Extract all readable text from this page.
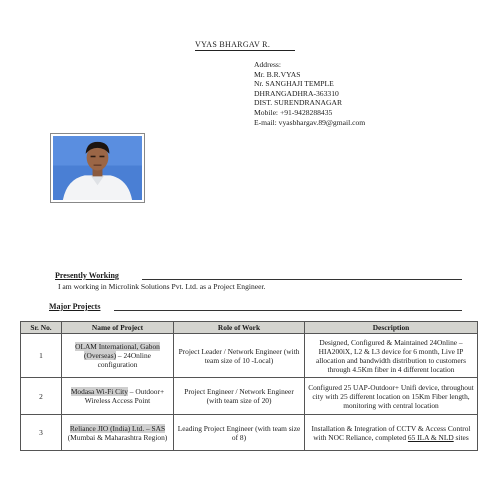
VYAS BHARGAV R.
Address:
Mr. B.R.VYAS
Nr. SANGHAJI TEMPLE
DHRANGADHRA-363310
DIST. SURENDRANAGAR
Mobile: +91-9428288435
E-mail: vyasbhargav.89@gmail.com
Presently Working
I am working in Microlink Solutions Pvt. Ltd. as a Project Engineer.
Major Projects
Sr. No.	Name of Project	Role of Work	Description
1	OLAM International, Gabon (Overseas) – 24Online configuration	Project Leader / Network Engineer (with team size of 10 -Local)	Designed, Configured & Maintained 24Online –HIA200iX, L2 & L3 device for 6 month, Live IP allocation and bandwidth distribution to customers through 4.5Km fiber in 4 different location
2	Modasa Wi-Fi City – Outdoor+ Wireless Access Point	Project Engineer / Network Engineer (with team size of 20)	Configured 25 UAP-Outdoor+ Unifi device, throughout city with 25 different location on 15Km Fiber length, monitoring with central location
3	Reliance JIO (India) Ltd. – SAS (Mumbai & Maharashtra Region)	Leading Project Engineer (with team size of 8)	Installation & Integration of CCTV & Access Control with NOC Reliance, completed 65 ILA & NLD sites
